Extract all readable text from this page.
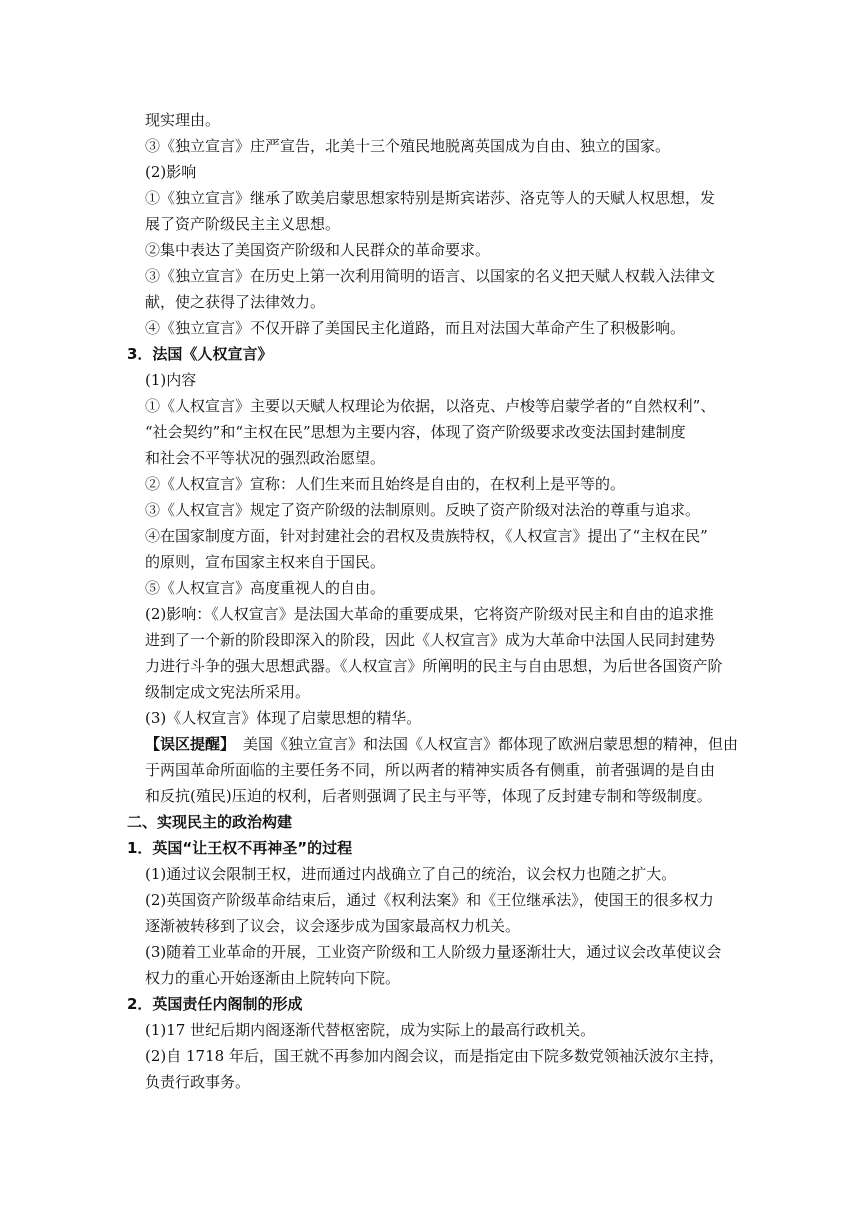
现实理由。
③《独立宣言》庄严宣告，北美十三个殖民地脱离英国成为自由、独立的国家。
(2)影响
①《独立宣言》继承了欧美启蒙思想家特别是斯宾诺莎、洛克等人的天赋人权思想，发
展了资产阶级民主主义思想。
②集中表达了美国资产阶级和人民群众的革命要求。
③《独立宣言》在历史上第一次利用简明的语言、以国家的名义把天赋人权载入法律文
献，使之获得了法律效力。
④《独立宣言》不仅开辟了美国民主化道路，而且对法国大革命产生了积极影响。
3．法国《人权宣言》
(1)内容
①《人权宣言》主要以天赋人权理论为依据，以洛克、卢梭等启蒙学者的“自然权利”、
“社会契约”和“主权在民”思想为主要内容，体现了资产阶级要求改变法国封建制度
和社会不平等状况的强烈政治愿望。
②《人权宣言》宣称：人们生来而且始终是自由的，在权利上是平等的。
③《人权宣言》规定了资产阶级的法制原则。反映了资产阶级对法治的尊重与追求。
④在国家制度方面，针对封建社会的君权及贵族特权，《人权宣言》提出了“主权在民”
的原则，宣布国家主权来自于国民。
⑤《人权宣言》高度重视人的自由。
(2)影响：《人权宣言》是法国大革命的重要成果，它将资产阶级对民主和自由的追求推
进到了一个新的阶段即深入的阶段，因此《人权宣言》成为大革命中法国人民同封建势
力进行斗争的强大思想武器。《人权宣言》所阐明的民主与自由思想，为后世各国资产阶
级制定成文宪法所采用。
(3)《人权宣言》体现了启蒙思想的精华。
【误区提醒】 美国《独立宣言》和法国《人权宣言》都体现了欧洲启蒙思想的精神，但由
于两国革命所面临的主要任务不同，所以两者的精神实质各有侧重，前者强调的是自由
和反抗(殖民)压迫的权利，后者则强调了民主与平等，体现了反封建专制和等级制度。
二、实现民主的政治构建
1．英国“让王权不再神圣”的过程
(1)通过议会限制王权，进而通过内战确立了自己的统治，议会权力也随之扩大。
(2)英国资产阶级革命结束后，通过《权利法案》和《王位继承法》，使国王的很多权力
逐渐被转移到了议会，议会逐步成为国家最高权力机关。
(3)随着工业革命的开展，工业资产阶级和工人阶级力量逐渐壮大，通过议会改革使议会
权力的重心开始逐渐由上院转向下院。
2．英国责任内阁制的形成
(1)17 世纪后期内阁逐渐代替枢密院，成为实际上的最高行政机关。
(2)自 1718 年后，国王就不再参加内阁会议，而是指定由下院多数党领袖沃波尔主持，
负责行政事务。
